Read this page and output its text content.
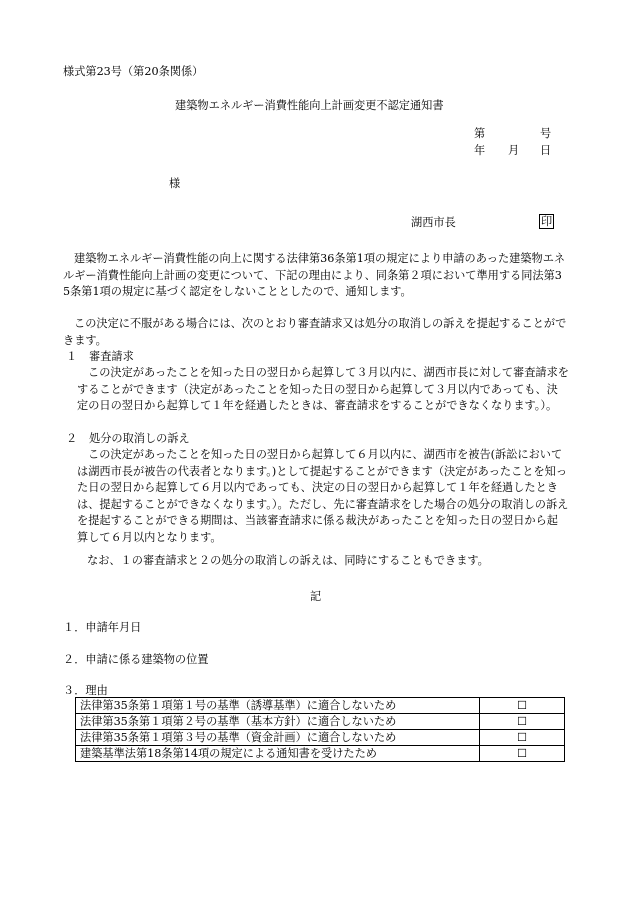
様式第23号（第20条関係）
建築物エネルギー消費性能向上計画変更不認定通知書
第	号
年 月 日
様
湖西市長	印
建築物エネルギー消費性能の向上に関する法律第36条第1項の規定により申請のあった建築物エネルギー消費性能向上計画の変更について、下記の理由により、同条第２項において準用する同法第35条第1項の規定に基づく認定をしないこととしたので、通知します。
この決定に不服がある場合には、次のとおり審査請求又は処分の取消しの訴えを提起することができます。
１ 審査請求
この決定があったことを知った日の翌日から起算して３月以内に、湖西市長に対して審査請求をすることができます（決定があったことを知った日の翌日から起算して３月以内であっても、決定の日の翌日から起算して１年を経過したときは、審査請求をすることができなくなります。）。
２ 処分の取消しの訴え
この決定があったことを知った日の翌日から起算して６月以内に、湖西市を被告(訴訟においては湖西市長が被告の代表者となります。)として提起することができます（決定があったことを知った日の翌日から起算して６月以内であっても、決定の日の翌日から起算して１年を経過したときは、提起することができなくなります。）。ただし、先に審査請求をした場合の処分の取消しの訴えを提起することができる期間は、当該審査請求に係る裁決があったことを知った日の翌日から起算して６月以内となります。
なお、１の審査請求と２の処分の取消しの訴えは、同時にすることもできます。
記
１．申請年月日
２．申請に係る建築物の位置
３．理由
法律第35条第１項第１号の基準（誘導基準）に適合しないため	☐
法律第35条第１項第２号の基準（基本方針）に適合しないため	☐
法律第35条第１項第３号の基準（資金計画）に適合しないため	☐
建築基準法第18条第14項の規定による通知書を受けたため	☐
